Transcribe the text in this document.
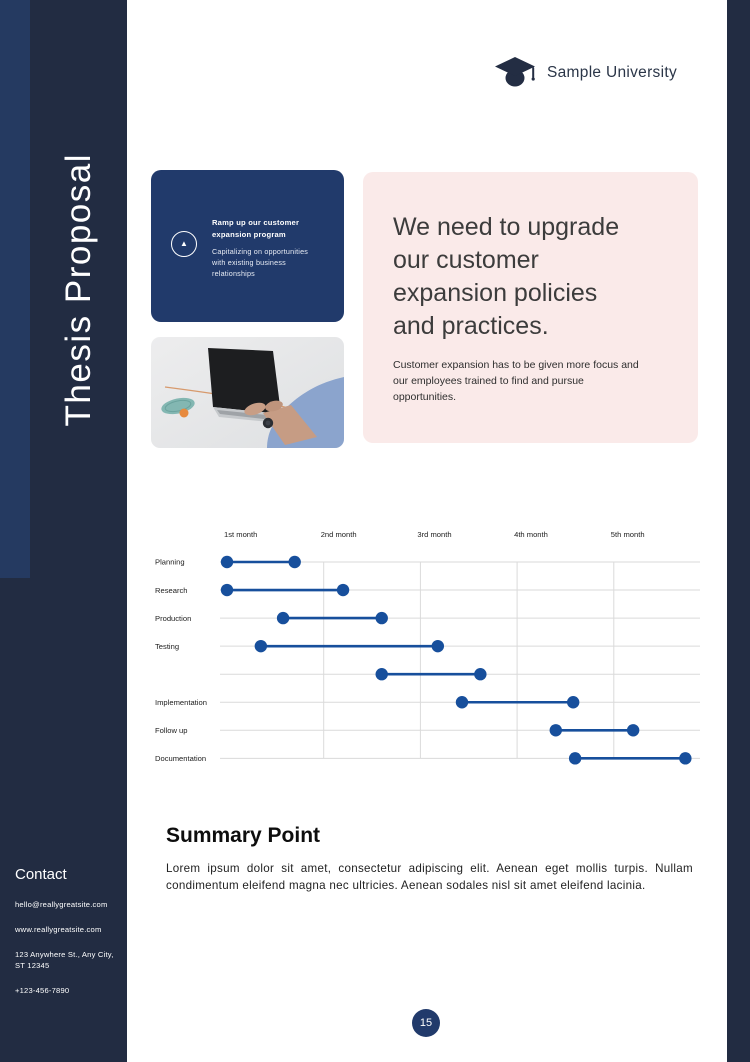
Thesis Proposal
Sample University
▲
Ramp up our customer expansion program

Capitalizing on opportunities with existing business relationships

We need to upgrade our customer expansion policies and practices.

Customer expansion has to be given more focus and our employees trained to find and pursue opportunities.

1st month	2nd month	3rd month	4th month	5th month
Planning
Research
Production
Testing
Implementation
Follow up
Documentation
Summary Point

Lorem ipsum dolor sit amet, consectetur adipiscing elit. Aenean eget mollis turpis. Nullam condimentum eleifend magna nec ultricies. Aenean sodales nisl sit amet eleifend lacinia.

Contact
hello@reallygreatsite.com
www.reallygreatsite.com
123 Anywhere St., Any City, ST 12345
+123-456-7890
15
